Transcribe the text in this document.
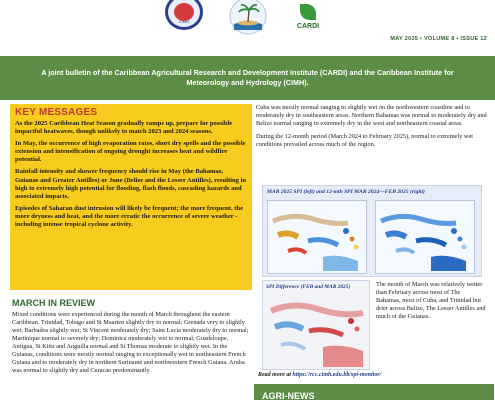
CIMH
CARDI
MAY 2025 • VOLUME 8 • ISSUE 12

A joint bulletin of the Caribbean Agricultural Research and Development Institute (CARDI) and the Caribbean Institute for Meteorology and Hydrology (CIMH).

KEY MESSAGES

As the 2025 Caribbean Heat Season gradually ramps up, prepare for possible impactful heatwaves, though unlikely to match 2023 and 2024 seasons.

In May, the occurrence of high evaporation rates, short dry spells and the possible extension and intensification of ongoing drought increases heat and wildfire potential.

Rainfall intensity and shower frequency should rise in May (the Bahamas, Guianas and Greater Antilles) or June (Belize and the Lesser Antilles), resulting in high to extremely high potential for flooding, flash floods, cascading hazards and associated impacts.

Episodes of Saharan dust intrusion will likely be frequent; the more frequent, the more dryness and heat, and the more erratic the occurrence of severe weather - including intense tropical cyclone activity.

MARCH IN REVIEW

Mixed conditions were experienced during the month of March throughout the eastern Caribbean. Trinidad, Tobago and St Maarten slightly dry to normal; Grenada very to slightly wet; Barbados slightly wet; St Vincent moderately dry; Saint Lucia moderately dry to normal; Martinique normal to severely dry; Dominica moderately wet to normal; Guadeloupe, Antigua, St Kitts and Anguilla normal and St Thomas moderate to slightly wet. In the Guianas, conditions were mostly normal ranging to exceptionally wet in northeastern French Guiana and to moderately dry in northern Suriname and northwestern French Guiana. Aruba was normal to slightly dry and Curacao predominantly

Cuba was mostly normal ranging to slightly wet on the northwestern coastline and to moderately dry in southeastern areas. Northern Bahamas was normal to moderately dry and Belize normal ranging to extremely dry in the west and northeastern coastal areas.

During the 12-month period (March 2024 to February 2025), normal to extremely wet conditions prevailed across much of the region.

MAR 2025 SPI (left) and 12-mth SPI MAR 2024—FEB 2025 (right)
SPI Difference (FEB and MAR 2025)	The month of March was relatively wetter than February across most of The Bahamas, most of Cuba, and Trinidad but drier across Belize, The Lesser Antilles and much of the Guianas.

Read more at https://rcc.cimh.edu.bb/spi-monitor/
AGRI-NEWS
